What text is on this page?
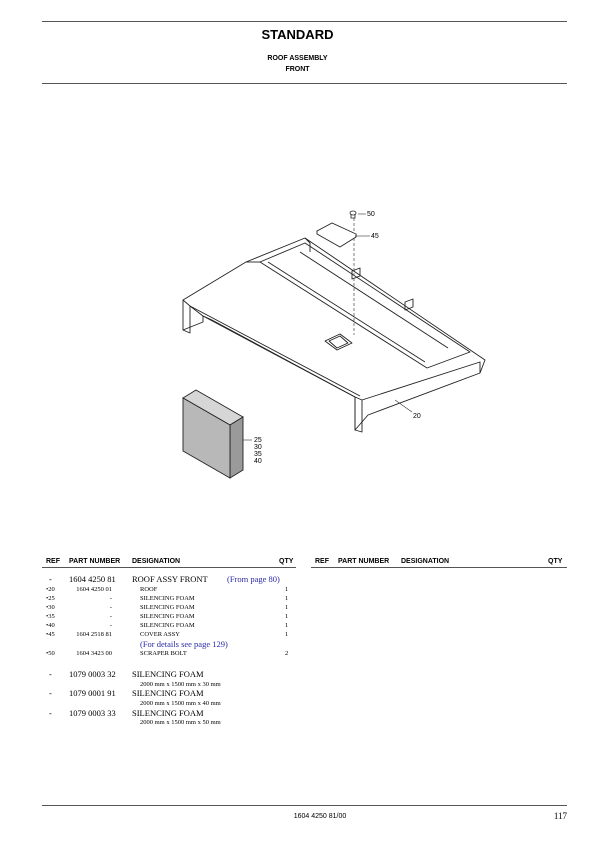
STANDARD
ROOF ASSEMBLY
FRONT
50
45
20
25
30
35
40
REF PART NUMBER DESIGNATION	QTY	REF PART NUMBER DESIGNATION	QTY
- 1604 4250 81 ROOF ASSY FRONT (From page 80)
•20	1604 4250 01	ROOF	1
•25	-	SILENCING FOAM	1
•30	-	SILENCING FOAM	1
•35	-	SILENCING FOAM	1
•40	-	SILENCING FOAM	1
•45	1604 2518 81	COVER ASSY	1
(For details see page 129)
•50	1604 3423 00	SCRAPER BOLT	2
- 1079 0003 32 SILENCING FOAM
2000 mm x 1500 mm x 30 mm
- 1079 0001 91 SILENCING FOAM
2000 mm x 1500 mm x 40 mm
- 1079 0003 33 SILENCING FOAM
2000 mm x 1500 mm x 50 mm
1604 4250 81/00	117
